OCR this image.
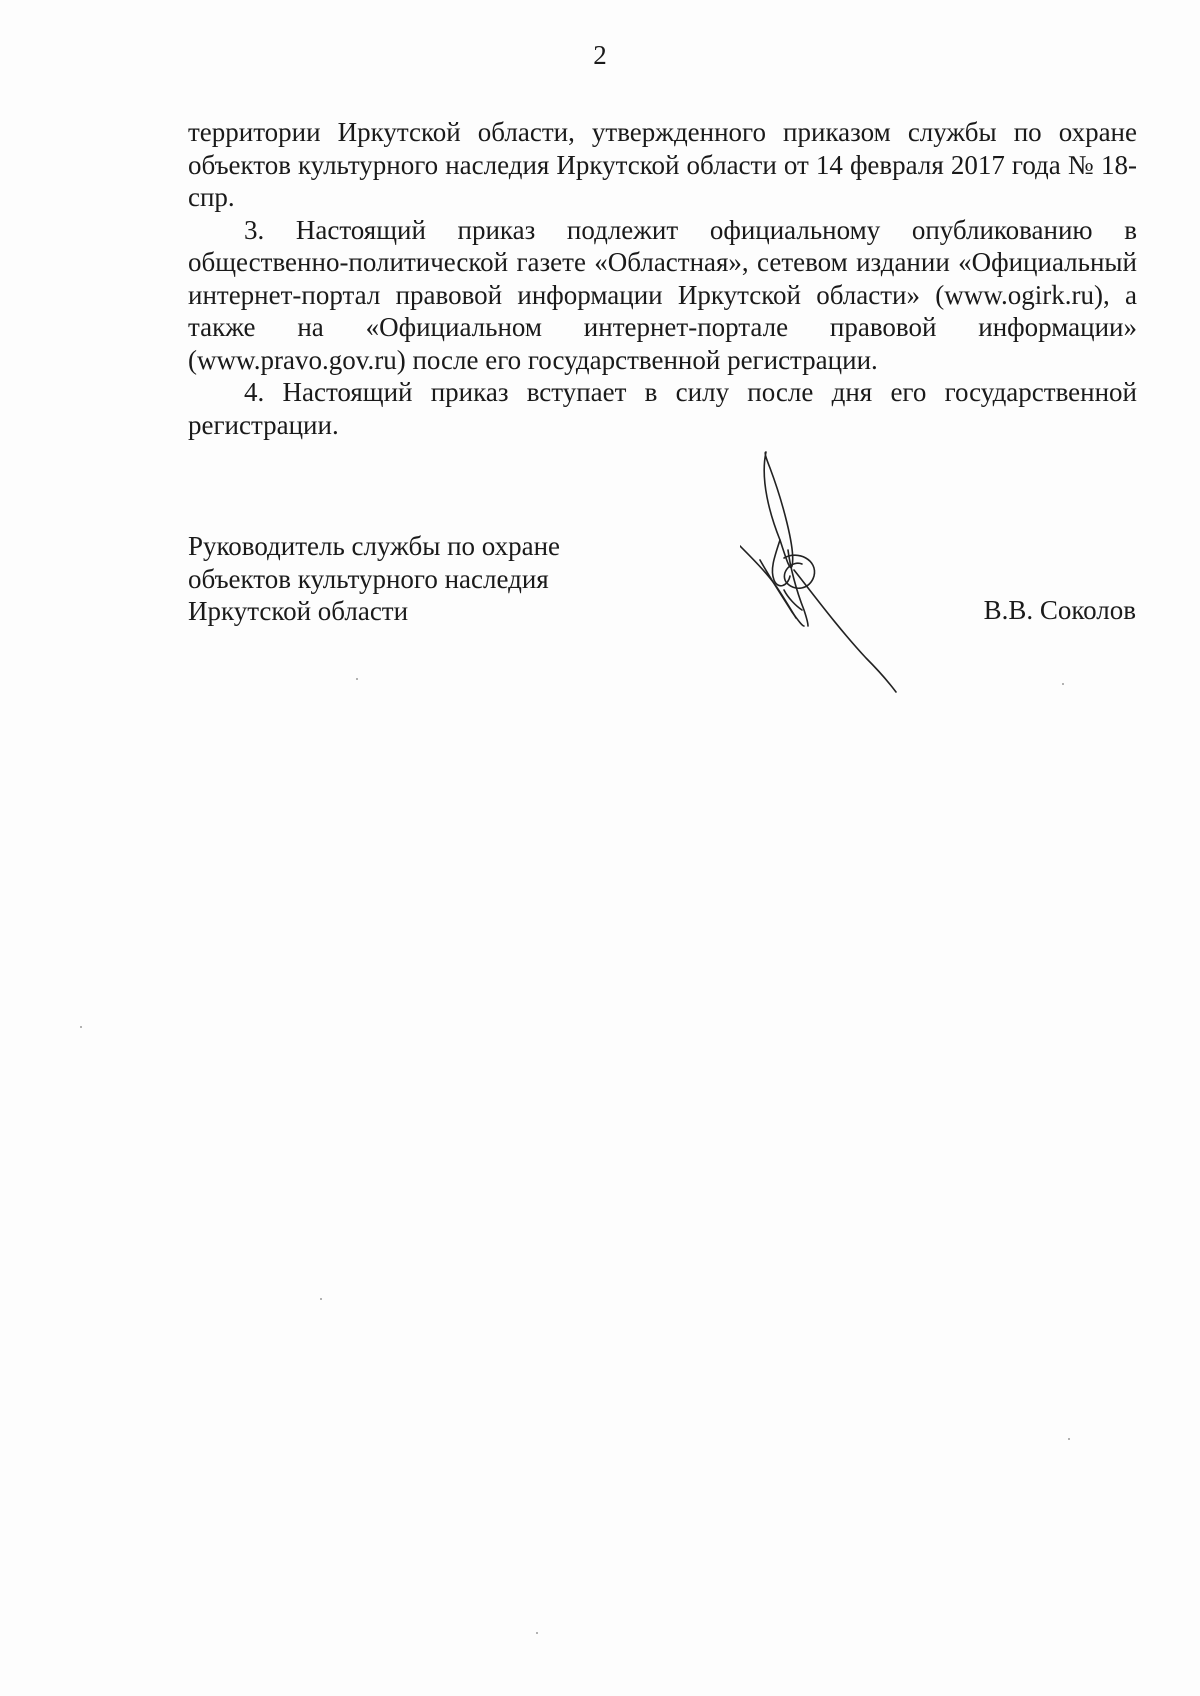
2

территории Иркутской области, утвержденного приказом службы по охране объектов культурного наследия Иркутской области от 14 февраля 2017 года № 18-спр.

3. Настоящий приказ подлежит официальному опубликованию в общественно-политической газете «Областная», сетевом издании «Официальный интернет-портал правовой информации Иркутской области» (www.ogirk.ru), а также на «Официальном интернет-портале правовой информации» (www.pravo.gov.ru) после его государственной регистрации.

4. Настоящий приказ вступает в силу после дня его государственной регистрации.

Руководитель службы по охране
объектов культурного наследия
Иркутской области	В.В. Соколов
